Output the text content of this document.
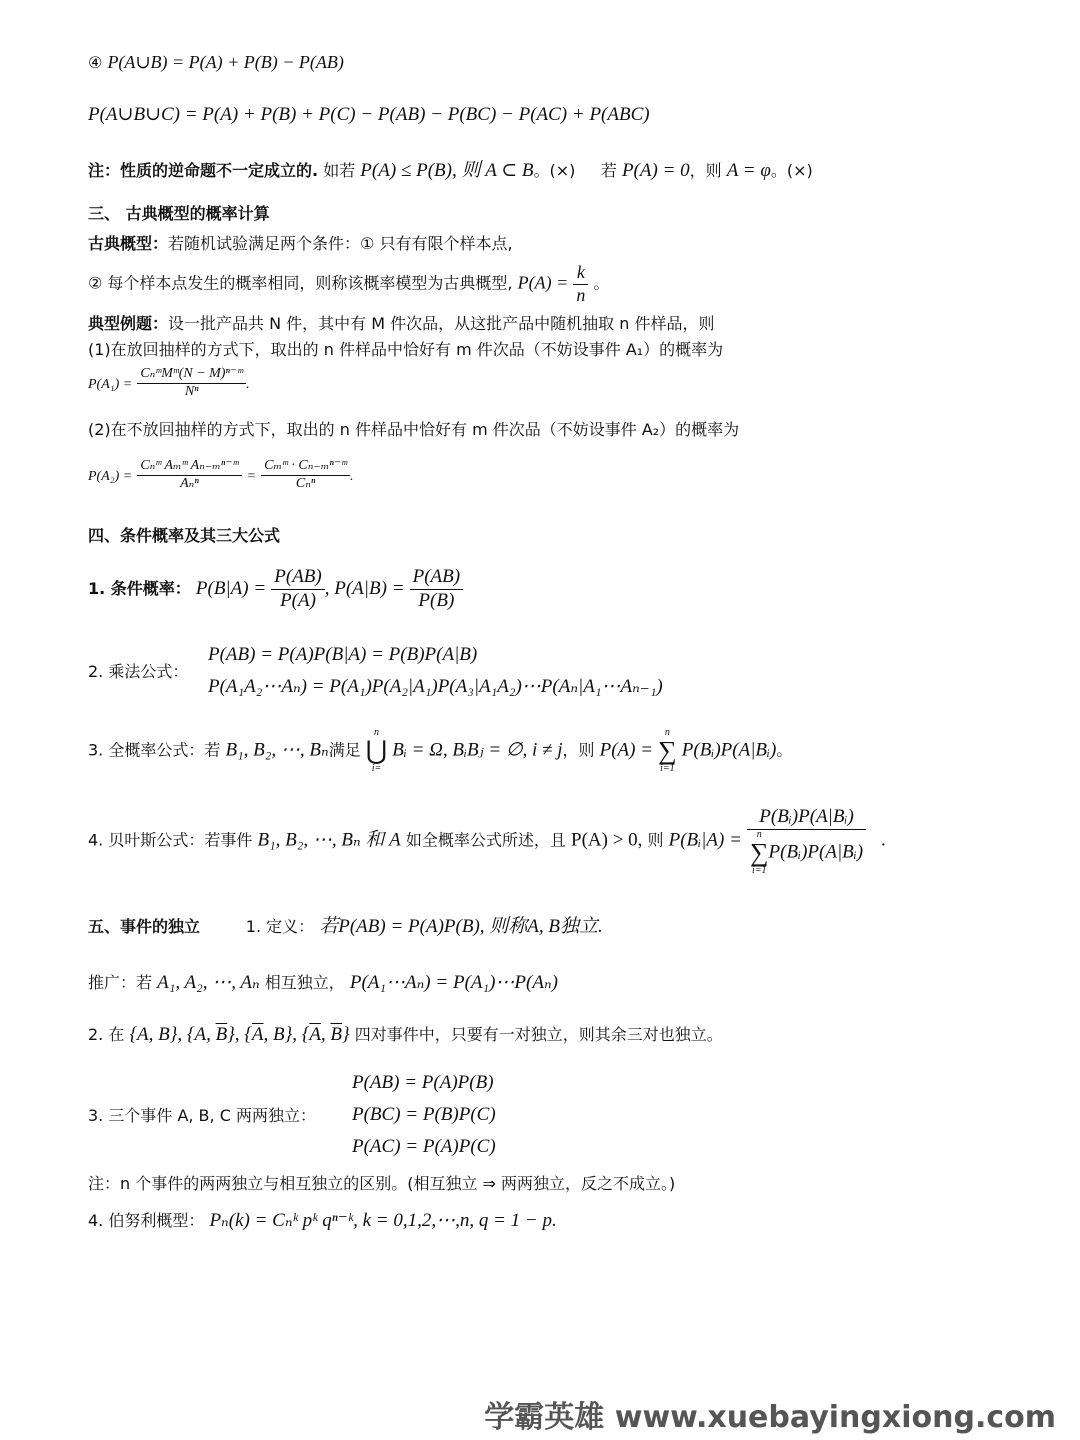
④ P(A∪B) = P(A) + P(B) − P(AB)
P(A∪B∪C) = P(A) + P(B) + P(C) − P(AB) − P(BC) − P(AC) + P(ABC)
注：性质的逆命题不一定成立的. 如若 P(A) ≤ P(B), 则 A ⊂ B。(×) 若 P(A) = 0，则 A = φ。(×)
三、 古典概型的概率计算
古典概型：若随机试验满足两个条件：① 只有有限个样本点,
② 每个样本点发生的概率相同，则称该概率模型为古典概型, $P(A) = \frac{k}{n}$ 。
典型例题：设一批产品共 N 件，其中有 M 件次品，从这批产品中随机抽取 n 件样品，则
(1)在放回抽样的方式下，取出的 n 件样品中恰好有 m 件次品（不妨设事件 A₁）的概率为
$P(A_1) = \frac{\text{CₙᵐMᵐ(N − M)ⁿ⁻ᵐ}}{\text{Nⁿ}}$ .
(2)在不放回抽样的方式下，取出的 n 件样品中恰好有 m 件次品（不妨设事件 A₂）的概率为
$P(A_2) = \frac{\text{Cₙᵐ Aₘᵐ Aₙ₋ₘⁿ⁻ᵐ}}{\text{Aₙⁿ}} = \frac{\text{Cₘᵐ · Cₙ₋ₘⁿ⁻ᵐ}}{\text{Cₙⁿ}}$ .
四、条件概率及其三大公式
1. 条件概率： $P(B|A) = \frac{P(AB)}{P(A)}$ , $P(A|B) = \frac{P(AB)}{P(B)}$
2. 乘法公式：
P(AB) = P(A)P(B|A) = P(B)P(A|B)
P(A₁A₂⋯Aₙ) = P(A₁)P(A₂|A₁)P(A₃|A₁A₂)⋯P(Aₙ|A₁⋯Aₙ₋₁)
3. 全概率公式：若 B₁, B₂, ⋯, Bₙ满足
n
⋃
i=
Bᵢ = Ω, BᵢBⱼ = ∅, i ≠ j，则 P(A) =
n
∑
i=1
P(Bᵢ)P(A|Bᵢ)。
4. 贝叶斯公式：若事件 B₁, B₂, ⋯, Bₙ 和 A 如全概率公式所述，且 P(A) > 0, 则 P(Bᵢ|A) = P(Bᵢ)P(A|Bᵢ)
n
∑
i=1
P(Bᵢ)P(A|Bᵢ) .
五、事件的独立	1. 定义： 若P(AB) = P(A)P(B), 则称A, B独立.
推广：若 A₁, A₂, ⋯, Aₙ 相互独立， P(A₁⋯Aₙ) = P(A₁)⋯P(Aₙ)
2. 在 {A, B}, {A, $\overline{B}$}, {$\overline{A}$, B}, {$\overline{A}$, $\overline{B}$} 四对事件中，只要有一对独立，则其余三对也独立。
3. 三个事件 A, B, C 两两独立：
P(AB) = P(A)P(B)
P(BC) = P(B)P(C)
P(AC) = P(A)P(C)
注：n 个事件的两两独立与相互独立的区别。(相互独立 ⇒ 两两独立，反之不成立。)
4. 伯努利概型： Pₙ(k) = Cₙᵏ pᵏ qⁿ⁻ᵏ, k = 0,1,2,⋯,n, q = 1 − p.
学霸英雄 www.xuebayingxiong.com
